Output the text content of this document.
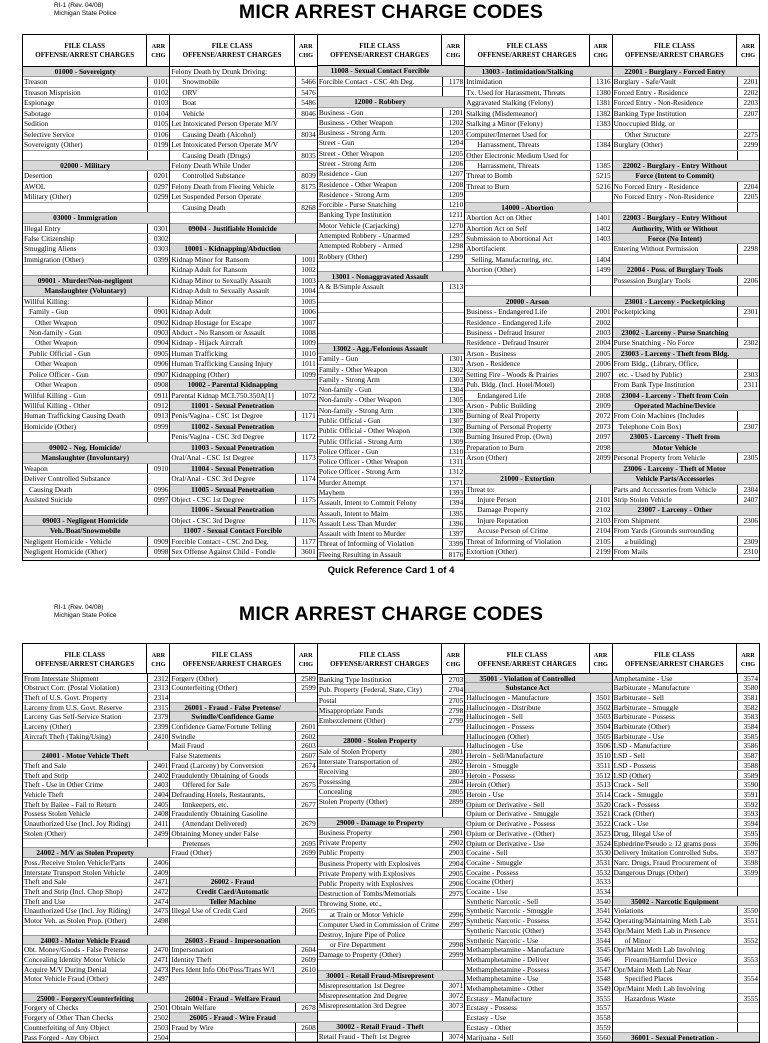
RI-1 (Rev. 04/08)
Michigan State Police	MICR ARREST CHARGE CODES
FILE CLASS
OFFENSE/ARREST CHARGES
ARR
CHG
01000 - Sovereignty
Treason	0101
Treason Misprision	0102
Espionage	0103
Sabotage	0104
Sedition	0105
Selective Service	0106
Sovereignty (Other)	0199
02000 - Military
Desertion	0201
AWOL	0297
Military (Other)	0299
03000 - Immigration
Illegal Entry	0301
False Citizenship	0302
Smuggling Aliens	0303
Immigration (Other)	0399
09001 - Murder/Non-negligent
Manslaughter (Voluntary)
Willful Killing:
Family - Gun	0901
Other Weapon	0902
Non-family - Gun	0903
Other Weapon	0904
Public Official - Gun	0905
Other Weapon	0906
Police Officer - Gun	0907
Other Weapon	0908
Willful Killing - Gun	0911
Willful Killing - Other	0912
Human Trafficking Causing Death	0913
Homicide (Other)	0999
09002 - Neg. Homicide/
Manslaughter (Involuntary)
Weapon	0910
Deliver Controlled Substance
Causing Death	0996
Assisted Suicide	0997
09003 - Negligent Homicide
Veh./Boat/Snowmobile
Negligent Homicide - Vehicle	0909
Negligent Homicide (Other)	0998
FILE CLASS
OFFENSE/ARREST CHARGES
ARR
CHG
Felony Death by Drunk Driving:
Snowmobile	5466
ORV	5476
Boat	5486
Vehicle	8046
Let Intoxicated Person Operate M/V
Causing Death (Alcohol)	8034
Let Intoxicated Person Operate M/V
Causing Death (Drugs)	8035
Felony Death While Under
Controlled Substance	8039
Felony Death from Fleeing Vehicle	8175
Let Suspended Person Operate
Causing Death	8268
09004 - Justifiable Homicide
10001 - Kidnapping/Abduction
Kidnap Minor for Ransom	1001
Kidnap Adult for Ransom	1002
Kidnap Minor to Sexually Assault	1003
Kidnap Adult to Sexually Assault	1004
Kidnap Minor	1005
Kidnap Adult	1006
Kidnap Hostage for Escape	1007
Abduct - No Ransom or Assault	1008
Kidnap - Hijack Aircraft	1009
Human Trafficking	1010
Human Trafficking Causing Injury	1011
Kidnapping (Other)	1099
10002 - Parental Kidnapping
Parental Kidnap MCL750.350A[1]	1072
11001 - Sexual Penetration
Penis/Vagina - CSC 1st Degree	1171
11002 - Sexual Penetration
Penis/Vagina - CSC 3rd Degree	1172
11003 - Sexual Penetration
Oral/Anal - CSC 1st Degree	1173
11004 - Sexual Penetration
Oral/Anal - CSC 3rd Degree	1174
11005 - Sexual Penetration
Object - CSC 1st Degree	1175
11006 - Sexual Penetration
Object - CSC 3rd Degree	1176
11007 - Sexual Contact Forcible
Forcible Contact - CSC 2nd Deg.	1177
Sex Offense Against Child - Fondle	3601
FILE CLASS
OFFENSE/ARREST CHARGES
ARR
CHG
11008 - Sexual Contact Forcible
Forcible Contact - CSC 4th Deg.	1178
12000 - Robbery
Business - Gun	1201
Business - Other Weapon	1202
Business - Strong Arm	1203
Street - Gun	1204
Street - Other Weapon	1205
Street - Strong Arm	1206
Residence - Gun	1207
Residence - Other Weapon	1208
Residence - Strong Arm	1209
Forcible - Purse Snatching	1210
Banking Type Institution	1211
Motor Vehicle (Carjacking)	1270
Attempted Robbery - Unarmed	1297
Attempted Robbery - Armed	1298
Robbery (Other)	1299
13001 - Nonaggravated Assault
A & B/Simple Assault	1313
13002 - Agg./Felonious Assault
Family - Gun	1301
Family - Other Weapon	1302
Family - Strong Arm	1303
Non-family - Gun	1304
Non-family - Other Weapon	1305
Non-family - Strong Arm	1306
Public Official - Gun	1307
Public Official - Other Weapon	1308
Public Official - Strong Arm	1309
Police Officer - Gun	1310
Police Officer - Other Weapon	1311
Police Officer - Strong Arm	1312
Murder Attempt	1371
Mayhem	1393
Assault, Intent to Commit Felony	1394
Assault, Intent to Maim	1395
Assault Less Than Murder	1396
Assault with Intent to Murder	1397
Threat of Informing of Violation	3399
Fleeing Resulting in Assault	8176
FILE CLASS
OFFENSE/ARREST CHARGES
ARR
CHG
13003 - Intimidation/Stalking
Intimidation	1316
Tx. Used for Harassment, Threats	1380
Aggravated Stalking (Felony)	1381
Stalking (Misdemeanor)	1382
Stalking a Minor (Felony)	1383
Computer/Internet Used for
Harrassment, Threats	1384
Other Electronic Medium Used for
Harrassment, Threats	1385
Threat to Bomb	5215
Threat to Burn	5216
14000 - Abortion
Abortion Act on Other	1401
Abortion Act on Self	1402
Submission to Abortional Act	1403
Abortifacient
Selling, Manufacturing, etc.	1404
Abortion (Other)	1499
20000 - Arson
Business - Endangered Life	2001
Residence - Endangered Life	2002
Business - Defraud Insurer	2003
Residence - Defraud Insurer	2004
Arson - Business	2005
Arson - Residence	2006
Setting Fire - Woods & Prairies	2007
Pub. Bldg. (Incl. Hotel/Motel)
Endangered Life	2008
Arson - Public Building	2009
Burning of Real Property	2072
Burning of Personal Property	2073
Burning Insured Prop. (Own)	2097
Preparation to Burn	2098
Arson (Other)	2099
21000 - Extortion
Threat to:
Injure Person	2101
Damage Property	2102
Injure Reputation	2103
Accuse Person of Crime	2104
Threat of Informing of Violation	2105
Extortion (Other)	2199
FILE CLASS
OFFENSE/ARREST CHARGES
ARR
CHG
22001 - Burglary - Forced Entry
Burglary - Safe/Vault	2201
Forced Entry - Residence	2202
Forced Entry - Non-Residence	2203
Banking Type Institution	2207
Unoccupied Bldg. or
Other Structure	2275
Burglary (Other)	2299
22002 - Burglary - Entry Without
Force (Intent to Commit)
No Forced Entry - Residence	2204
No Forced Entry - Non-Residence	2205
22003 - Burglary - Entry Without
Authority, With or Without
Force (No Intent)
Entering Without Permission	2298
22004 - Poss. of Burglary Tools
Possession Burglary Tools	2206
23001 - Larceny - Pocketpicking
Pocketpicking	2301
23002 - Larceny - Purse Snatching
Purse Snatching - No Force	2302
23003 - Larceny - Theft from Bldg.
From Bldg., (Library, Office,
etc. - Used by Public)	2303
From Bank Type Institution	2311
23004 - Larceny - Theft from Coin
Operated Machine/Device
From Coin Machines (Includes
Telephone Coin Box)	2307
23005 - Larceny - Theft from
Motor Vehicle
Personal Property from Vehicle	2305
23006 - Larceny - Theft of Motor
Vehicle Parts/Accessories
Parts and Acccssories from Vehicle	2304
Strip Stolen Vehicle	2407
23007 - Larceny - Other
From Shipment	2306
From Yards (Grounds surrounding
a building)	2309
From Mails	2310
Quick Reference Card 1 of 4
RI-1 (Rev. 04/08)
Michigan State Police	MICR ARREST CHARGE CODES
FILE CLASS
OFFENSE/ARREST CHARGES
ARR
CHG
From Interstate Shipment	2312
Obstruct Corr. (Postal Violation)	2313
Theft of U.S. Govt. Property	2314
Larceny from U.S. Govt. Reserve	2315
Larceny Gas Self-Service Station	2379
Larceny (Other)	2399
Aircraft Theft (Taking/Using)	2410
24001 - Motor Vehicle Theft
Theft and Sale	2401
Theft and Strip	2402
Theft - Use in Other Crime	2403
Vehicle Theft	2404
Theft by Bailee - Fail to Return	2405
Possess Stolen Vehicle	2408
Unauthorized Use (Incl. Joy Riding)	2411
Stolen (Other)	2499
24002 - M/V as Stolen Property
Poss./Receive Stolen Vehicle/Parts	2406
Interstate Transport Stolen Vehicle	2409
Theft and Sale	2471
Theft and Strip (Incl. Chop Shop)	2472
Theft and Use	2474
Unauthorized Use (Incl. Joy Riding)	2475
Motor Veh. as Stolen Prop. (Other)	2498
24003 - Motor Vehicle Fraud
Obt. Money/Goods - False Pretense	2470
Concealing Identity Motor Vehicle	2471
Acquire M/V During Denial	2473
Motor Vehicle Fraud (Other)	2497
25000 - Forgery/Counterfeiting
Forgery of Checks	2501
Forgery of Other Than Checks	2502
Counterfeiting of Any Object	2503
Pass Forged - Any Object	2504
FILE CLASS
OFFENSE/ARREST CHARGES
ARR
CHG
Forgery (Other)	2589
Counterfeiting (Other)	2599
26001 - Fraud - False Pretense/
Swindle/Confidence Game
Confidence Game/Fortune Telling	2601
Swindle	2602
Mail Fraud	2603
False Statements	2607
Fraud (Larceny) by Conversion	2674
Fraudulently Obtaining of Goods
Offered for Sale	2675
Defrauding Hotels, Restaurants,
Innkeepers, etc.	2677
Fraudulently Obtaining Gasoline
(Attendant Delivered)	2679
Obtaining Money under False
Pretenses	2695
Fraud (Other)	2699
26002 - Fraud
Credit Card/Automatic
Teller Machine
Illegal Use of Credit Card	2605
26003 - Fraud - Impersonation
Impersonation	2604
Identity Theft	2609
Pers Ident Info Obt/Poss/Trans W/I	2610
26004 - Fraud - Welfare Fraud
Obtain Welfare	2678
26005 - Fraud - Wire Fraud
Fraud by Wire	2608
FILE CLASS
OFFENSE/ARREST CHARGES
ARR
CHG
Banking Type Institution	2703
Pub. Property (Federal, State, City)	2704
Postal	2705
Misappropriate Funds	2798
Embezzlement (Other)	2799
28000 - Stolen Property
Sale of Stolen Property	2801
Interstate Transportation of	2802
Receiving	2803
Possessing	2804
Concealing	2805
Stolen Property (Other)	2899
29000 - Damage to Property
Business Property	2901
Private Property	2902
Public Property	2903
Business Property with Explosives	2904
Private Property with Explosives	2905
Public Property with Explosives	2906
Destruction of Tombs/Memorials	2975
Throwing Stone, etc.,
at Train or Motor Vehicle	2996
Computer Used in Commission of Crime	2997
Destroy, Injure Pipe of Police
or Fire Department	2998
Damage to Property (Other)	2999
30001 - Retail Fraud-Misrepresent
Misrepresentation 1st Degree	3071
Misrepresentation 2nd Degree	3072
Misrepresentation 3rd Degree	3073
30002 - Retail Fraud - Theft
Retail Fraud - Theft 1st Degree	3074
FILE CLASS
OFFENSE/ARREST CHARGES
ARR
CHG
35001 - Violation of Controlled
Substance Act
Hallucinogen - Manufacture	3501
Hallucinogen - Distribute	3502
Hallucinogen - Sell	3503
Hallucinogen - Possess	3504
Hallucinogen (Other)	3505
Hallucinogen - Use	3506
Heroin - Sell/Manufacture	3510
Heroin - Smuggle	3511
Heroin - Possess	3512
Heroin (Other)	3513
Heroin - Use	3514
Opium or Derivative - Sell	3520
Opium or Derivative - Smuggle	3521
Opium or Derivative - Possess	3522
Opium or Derivative - (Other)	3523
Opium or Derivative - Use	3524
Cocaine - Sell	3530
Cocaine - Smuggle	3531
Cocaine - Possess	3532
Cocaine (Other)	3533
Cocaine - Use	3534
Synthetic Narcotic - Sell	3540
Synthetic Narcotic - Smuggle	3541
Synthetic Narcotic - Possess	3542
Synthetic Narcotic (Other)	3543
Synthetic Narcotic - Use	3544
Methamphetamine - Manufacture	3545
Methamphetamine - Deliver	3546
Methamphetamine - Possess	3547
Methamphetamine - Use	3548
Methamphetamine - Other	3549
Ecstasy - Manufacture	3555
Ecstasy - Possess	3557
Ecstasy - Use	3558
Ecstasy - Other	3559
Marijuana - Sell	3560
FILE CLASS
OFFENSE/ARREST CHARGES
ARR
CHG
Amphetamine - Use	3574
Barbiturate - Manufacture	3580
Barbiturate - Sell	3581
Barbiturate - Smuggle	3582
Barbiturate - Possess	3583
Barbiturate (Other)	3584
Barbiturate - Use	3585
LSD - Manufacture	3586
LSD - Sell	3587
LSD - Possess	3588
LSD (Other)	3589
Crack - Sell	3590
Crack - Smuggle	3591
Crack - Possess	3592
Crack (Other)	3593
Crack - Use	3594
Drug, Illegal Use of	3595
Ephedrine/Pseudo ≥ 12 grams poss	3596
Delivery Imitation Controlled Subs.	3597
Narc. Drugs, Fraud Procurement of	3598
Dangerous Drugs (Other)	3599
35002 - Narcotic Equipment
Violations	3550
Operating/Maintaining Meth Lab	3551
Opr/Maint Meth Lab in Presence
of Minor	3552
Opr/Maint Meth Lab Involving
Firearm/Harmful Device	3553
Opr/Maint Meth Lab Near
Specified Places	3554
Opr/Maint Meth Lab Involving
Hazardous Waste	3555
36001 - Sexual Penetration -
